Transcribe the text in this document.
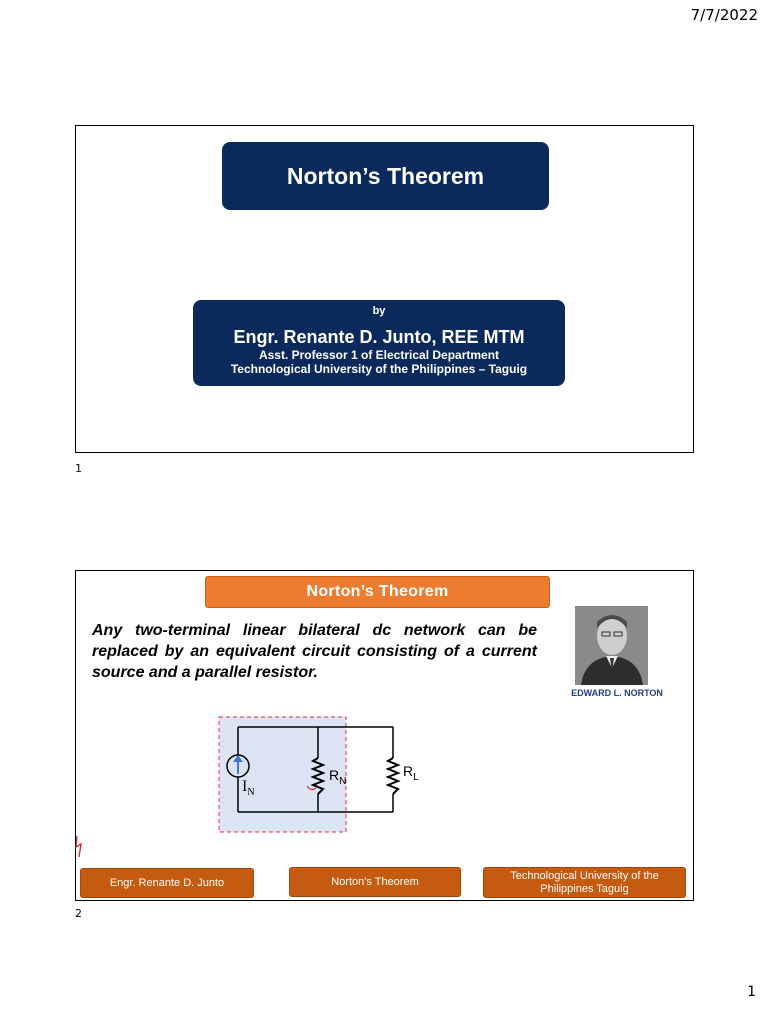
7/7/2022
Norton’s Theorem
by
Engr. Renante D. Junto, REE MTM
Asst. Professor 1 of Electrical Department
Technological University of the Philippines – Taguig
1
Norton’s Theorem
Any two-terminal linear bilateral dc network can be replaced by an equivalent circuit consisting of a current source and a parallel resistor.
EDWARD L. NORTON
$I_N$
$R_N$
$R_L$
Engr. Renante D. Junto	Norton's Theorem
Technological University of the Philippines Taguig
2
1
